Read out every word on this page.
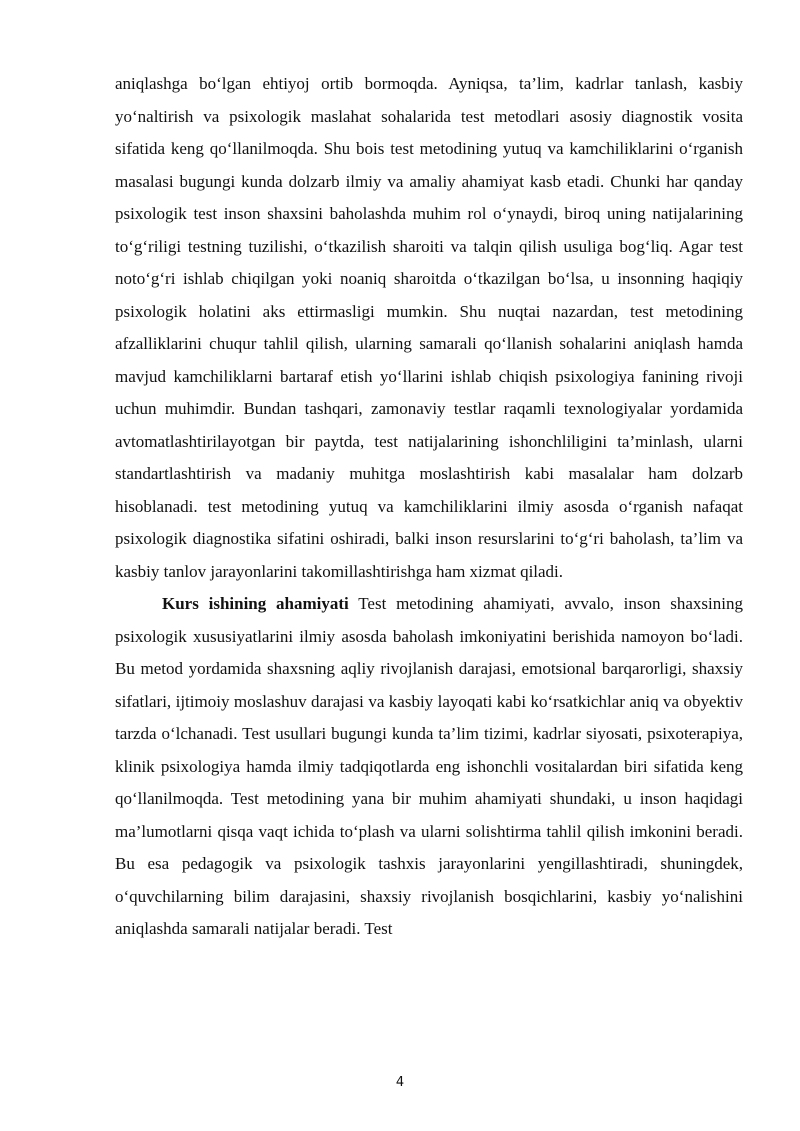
aniqlashga bo‘lgan ehtiyoj ortib bormoqda. Ayniqsa, ta’lim, kadrlar tanlash, kasbiy yo‘naltirish va psixologik maslahat sohalarida test metodlari asosiy diagnostik vosita sifatida keng qo‘llanilmoqda. Shu bois test metodining yutuq va kamchiliklarini o‘rganish masalasi bugungi kunda dolzarb ilmiy va amaliy ahamiyat kasb etadi. Chunki har qanday psixologik test inson shaxsini baholashda muhim rol o‘ynaydi, biroq uning natijalarining to‘g‘riligi testning tuzilishi, o‘tkazilish sharoiti va talqin qilish usuliga bog‘liq. Agar test noto‘g‘ri ishlab chiqilgan yoki noaniq sharoitda o‘tkazilgan bo‘lsa, u insonning haqiqiy psixologik holatini aks ettirmasligi mumkin. Shu nuqtai nazardan, test metodining afzalliklarini chuqur tahlil qilish, ularning samarali qo‘llanish sohalarini aniqlash hamda mavjud kamchiliklarni bartaraf etish yo‘llarini ishlab chiqish psixologiya fanining rivoji uchun muhimdir. Bundan tashqari, zamonaviy testlar raqamli texnologiyalar yordamida avtomatlashtirilayotgan bir paytda, test natijalarining ishonchliligini ta’minlash, ularni standartlashtirish va madaniy muhitga moslashtirish kabi masalalar ham dolzarb hisoblanadi. test metodining yutuq va kamchiliklarini ilmiy asosda o‘rganish nafaqat psixologik diagnostika sifatini oshiradi, balki inson resurslarini to‘g‘ri baholash, ta’lim va kasbiy tanlov jarayonlarini takomillashtirishga ham xizmat qiladi.

Kurs ishining ahamiyati Test metodining ahamiyati, avvalo, inson shaxsining psixologik xususiyatlarini ilmiy asosda baholash imkoniyatini berishida namoyon bo‘ladi. Bu metod yordamida shaxsning aqliy rivojlanish darajasi, emotsional barqarorligi, shaxsiy sifatlari, ijtimoiy moslashuv darajasi va kasbiy layoqati kabi ko‘rsatkichlar aniq va obyektiv tarzda o‘lchanadi. Test usullari bugungi kunda ta’lim tizimi, kadrlar siyosati, psixoterapiya, klinik psixologiya hamda ilmiy tadqiqotlarda eng ishonchli vositalardan biri sifatida keng qo‘llanilmoqda. Test metodining yana bir muhim ahamiyati shundaki, u inson haqidagi ma’lumotlarni qisqa vaqt ichida to‘plash va ularni solishtirma tahlil qilish imkonini beradi. Bu esa pedagogik va psixologik tashxis jarayonlarini yengillashtiradi, shuningdek, o‘quvchilarning bilim darajasini, shaxsiy rivojlanish bosqichlarini, kasbiy yo‘nalishini aniqlashda samarali natijalar beradi. Test

4
